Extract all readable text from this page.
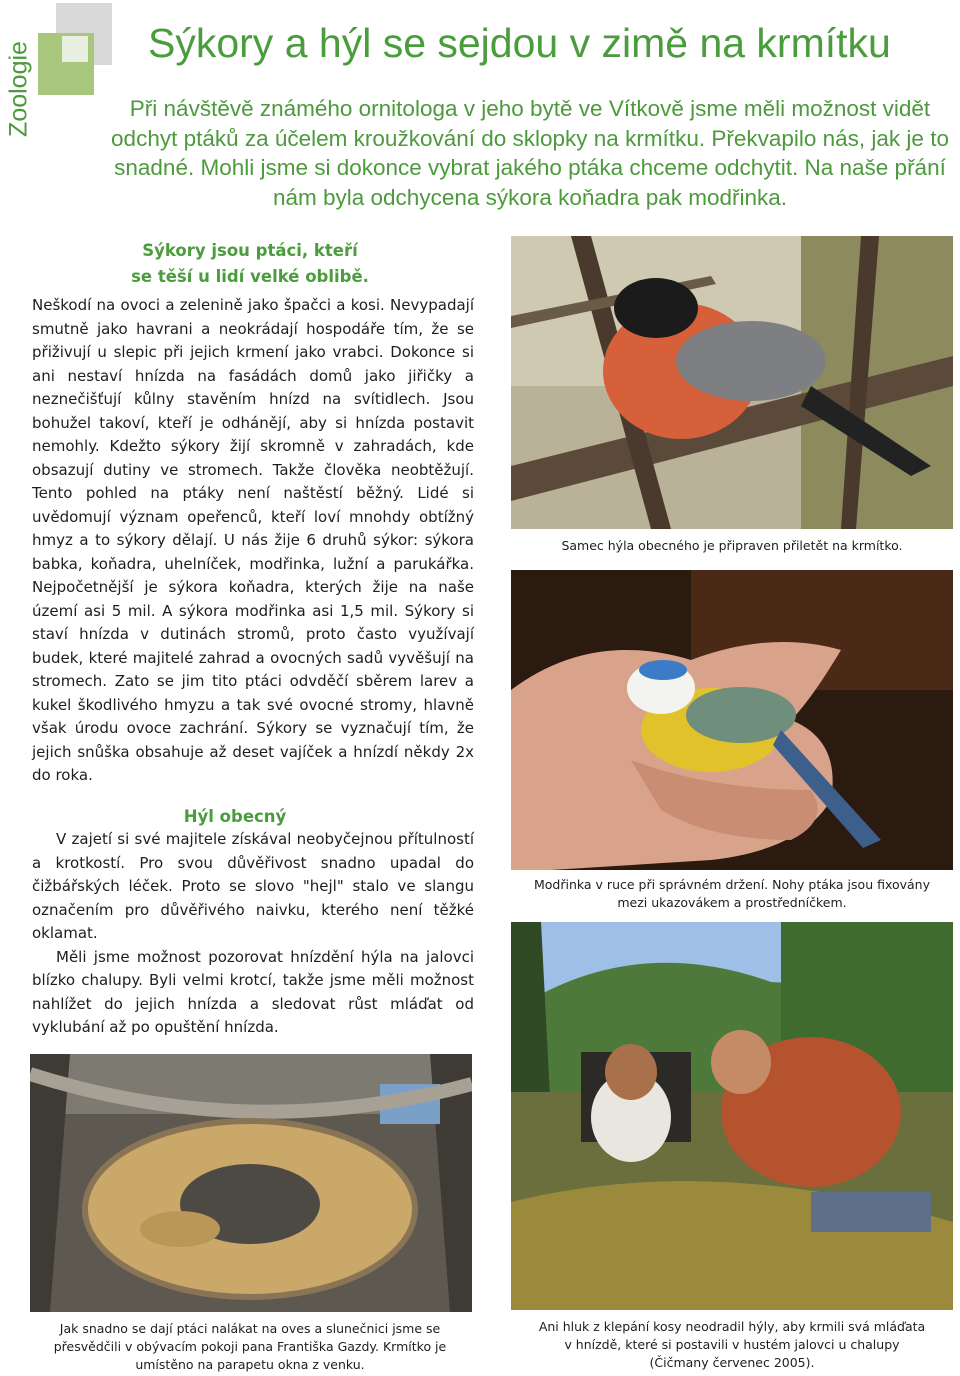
Zoologie	Sýkory a hýl se sejdou v zimě na krmítku
Při návštěvě známého ornitologa v jeho bytě ve Vítkově jsme měli možnost vidět odchyt ptáků za účelem kroužkování do sklopky na krmítku. Překvapilo nás, jak je to snadné. Mohli jsme si dokonce vybrat jakého ptáka chceme odchytit. Na naše přání nám byla odchycena sýkora koňadra pak modřinka.
Sýkory jsou ptáci, kteří
se těší u lidí velké oblibě.

Neškodí na ovoci a zelenině jako špačci a kosi. Nevypadají smutně jako havrani a neokrádají hospodáře tím, že se přiživují u slepic při jejich krmení jako vrabci. Dokonce si ani nestaví hnízda na fasádách domů jako jiřičky a neznečišťují kůlny stavěním hnízd na svítidlech. Jsou bohužel takoví, kteří je odhánějí, aby si hnízda postavit nemohly. Kdežto sýkory žijí skromně v zahradách, kde obsazují dutiny ve stromech. Takže člověka neobtěžují. Tento pohled na ptáky není naštěstí běžný. Lidé si uvědomují význam opeřenců, kteří loví mnohdy obtížný hmyz a to sýkory dělají. U nás žije 6 druhů sýkor: sýkora babka, koňadra, uhelníček, modřinka, lužní a parukářka. Nejpočetnější je sýkora koňadra, kterých žije na naše území asi 5 mil. A sýkora modřinka asi 1,5 mil. Sýkory si staví hnízda v dutinách stromů, proto často využívají budek, které majitelé zahrad a ovocných sadů vyvěšují na stromech. Zato se jim tito ptáci odvděčí sběrem larev a kukel škodlivého hmyzu a tak své ovocné stromy, hlavně však úrodu ovoce zachrání. Sýkory se vyznačují tím, že jejich snůška obsahuje až deset vajíček a hnízdí někdy 2x do roka.

Hýl obecný

V zajetí si své majitele získával neobyčejnou přítulností a krotkostí. Pro svou důvěřivost snadno upadal do čižbářských léček. Proto se slovo "hejl" stalo ve slangu označením pro důvěřivého naivku, kterého není těžké oklamat.

Měli jsme možnost pozorovat hnízdění hýla na jalovci blízko chalupy. Byli velmi krotcí, takže jsme měli možnost nahlížet do jejich hnízda a sledovat růst mláďat od vyklubání až po opuštění hnízda.

Samec hýla obecného je připraven přiletět na krmítko.
Modřinka v ruce při správném držení. Nohy ptáka jsou fixovány mezi ukazovákem a prostředníčkem.
Ani hluk z klepání kosy neodradil hýly, aby krmili svá mláďata v hnízdě, které si postavili v hustém jalovci u chalupy (Čičmany červenec 2005).
Jak snadno se dají ptáci nalákat na oves a slunečnici jsme se přesvědčili v obývacím pokoji pana Františka Gazdy. Krmítko je umístěno na parapetu okna z venku.
